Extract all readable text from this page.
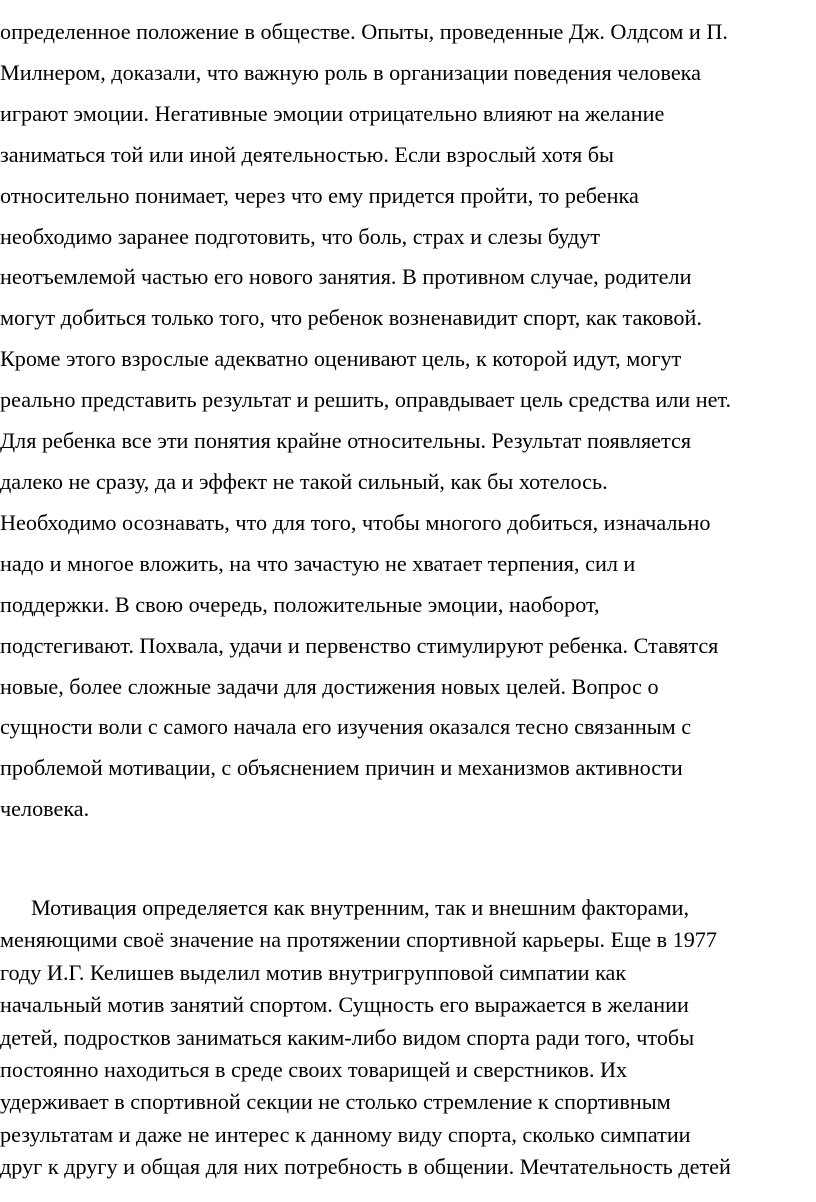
определенное положение в обществе. Опыты, проведенные Дж. Олдсом и П.
Милнером, доказали, что важную роль в организации поведения человека
играют эмоции. Негативные эмоции отрицательно влияют на желание
заниматься той или иной деятельностью. Если взрослый хотя бы
относительно понимает, через что ему придется пройти, то ребенка
необходимо заранее подготовить, что боль, страх и слезы будут
неотъемлемой частью его нового занятия. В противном случае, родители
могут добиться только того, что ребенок возненавидит спорт, как таковой.
Кроме этого взрослые адекватно оценивают цель, к которой идут, могут
реально представить результат и решить, оправдывает цель средства или нет.
Для ребенка все эти понятия крайне относительны. Результат появляется
далеко не сразу, да и эффект не такой сильный, как бы хотелось.
Необходимо осознавать, что для того, чтобы многого добиться, изначально
надо и многое вложить, на что зачастую не хватает терпения, сил и
поддержки. В свою очередь, положительные эмоции, наоборот,
подстегивают. Похвала, удачи и первенство стимулируют ребенка. Ставятся
новые, более сложные задачи для достижения новых целей. Вопрос о
сущности воли с самого начала его изучения оказался тесно связанным с
проблемой мотивации, с объяснением причин и механизмов активности
человека.

Мотивация определяется как внутренним, так и внешним факторами,
меняющими своё значение на протяжении спортивной карьеры. Еще в 1977
году И.Г. Келишев выделил мотив внутригрупповой симпатии как
начальный мотив занятий спортом. Сущность его выражается в желании
детей, подростков заниматься каким-либо видом спорта ради того, чтобы
постоянно находиться в среде своих товарищей и сверстников. Их
удерживает в спортивной секции не столько стремление к спортивным
результатам и даже не интерес к данному виду спорта, сколько симпатии
друг к другу и общая для них потребность в общении. Мечтательность детей
